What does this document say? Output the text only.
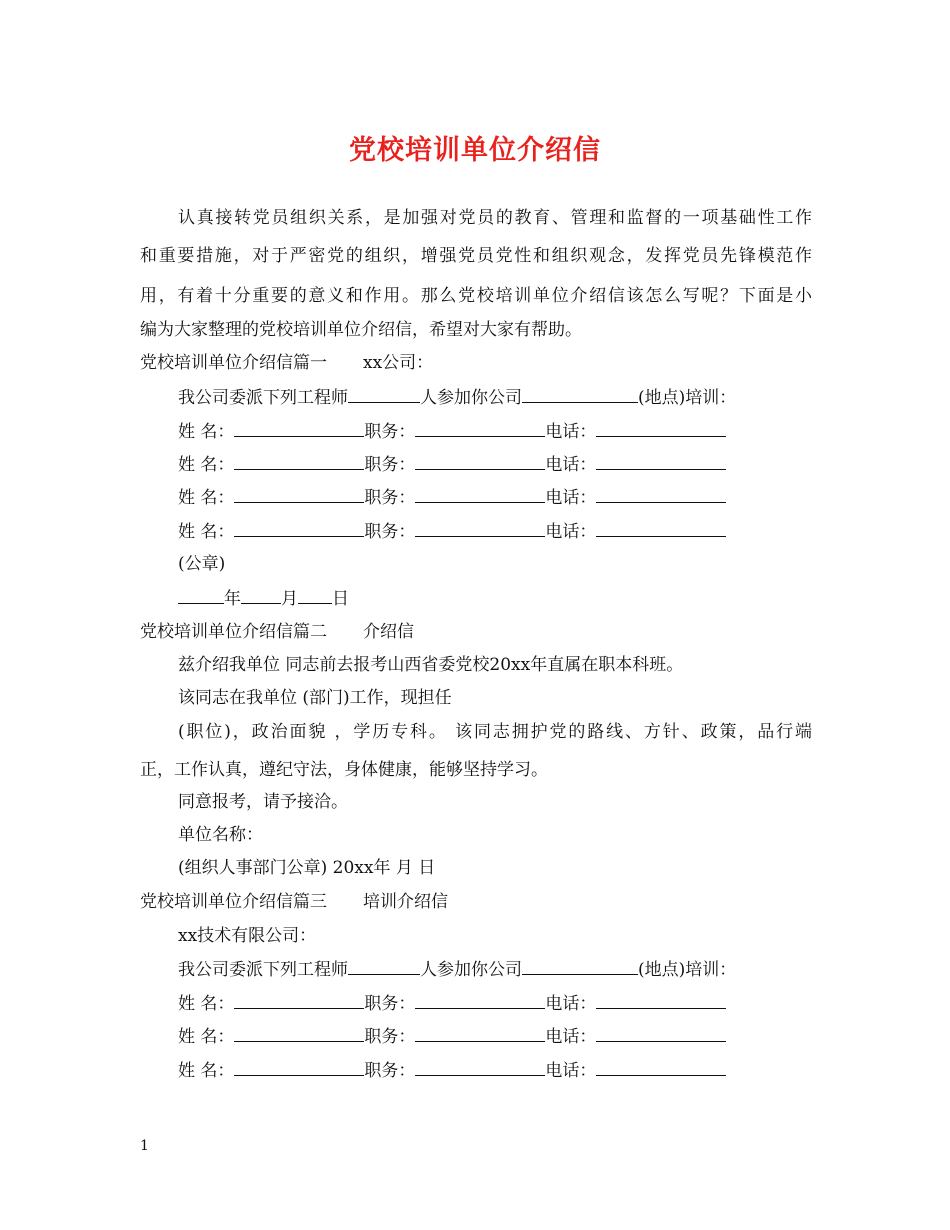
党校培训单位介绍信
认真接转党员组织关系，是加强对党员的教育、管理和监督的一项基础性工作
和重要措施，对于严密党的组织，增强党员党性和组织观念，发挥党员先锋模范作
用，有着十分重要的意义和作用。那么党校培训单位介绍信该怎么写呢？下面是小
编为大家整理的党校培训单位介绍信，希望对大家有帮助。
党校培训单位介绍信篇一 xx公司：
我公司委派下列工程师	人参加你公司	(地点)培训：
姓 名：	职务：	电话：
姓 名：	职务：	电话：
姓 名：	职务：	电话：
姓 名：	职务：	电话：
(公章)
年 月 日
党校培训单位介绍信篇二 介绍信
兹介绍我单位 同志前去报考山西省委党校20xx年直属在职本科班。
该同志在我单位 (部门)工作，现担任
(职位)，政治面貌 ，学历专科。 该同志拥护党的路线、方针、政策，品行端
正，工作认真，遵纪守法，身体健康，能够坚持学习。
同意报考，请予接洽。
单位名称：
(组织人事部门公章) 20xx年 月 日
党校培训单位介绍信篇三 培训介绍信
xx技术有限公司：
我公司委派下列工程师	人参加你公司	(地点)培训：
姓 名：	职务：	电话：
姓 名：	职务：	电话：
姓 名：	职务：	电话：
1
